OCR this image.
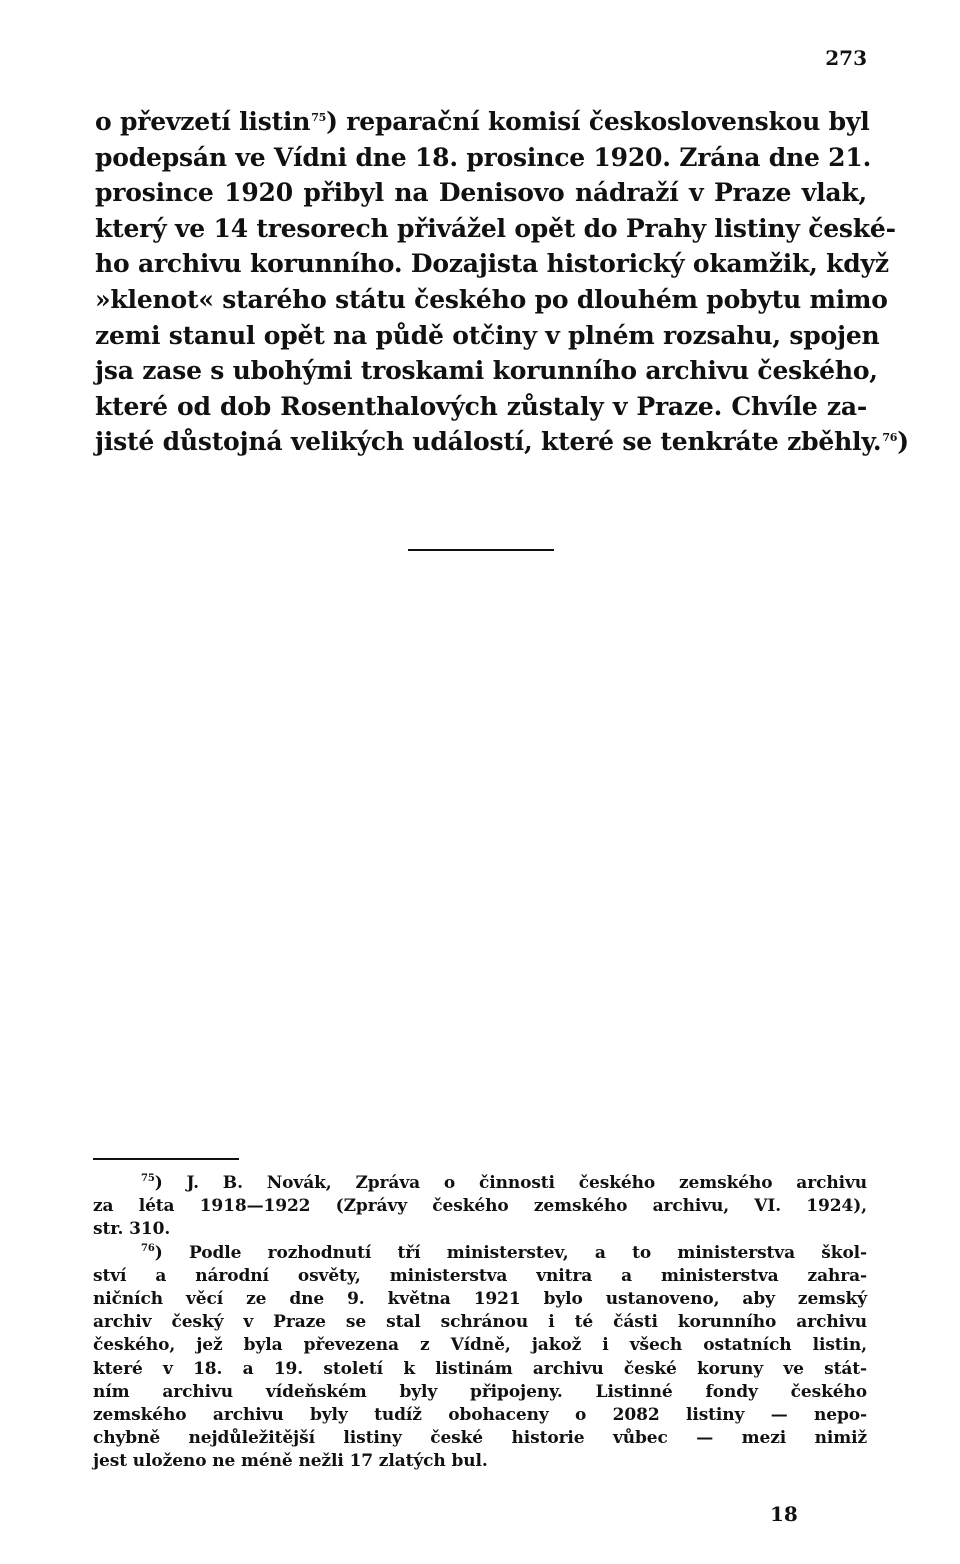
273
o převzetí listin$^{75}$) reparační komisí československou byl
podepsán ve Vídni dne 18. prosince 1920. Zrána dne 21.
prosince 1920 přibyl na Denisovo nádraží v Praze vlak,
který ve 14 tresorech přivážel opět do Prahy listiny české-
ho archivu korunního. Dozajista historický okamžik, když
»klenot« starého státu českého po dlouhém pobytu mimo
zemi stanul opět na půdě otčiny v plném rozsahu, spojen
jsa zase s ubohými troskami korunního archivu českého,
které od dob Rosenthalových zůstaly v Praze. Chvíle za-
jisté důstojná velikých událostí, které se tenkráte zběhly.$^{76}$)
$^{75}$) J. B. Novák, Zpráva o činnosti českého zemského archivu
za léta 1918—1922 (Zprávy českého zemského archivu, VI. 1924),
str. 310.
$^{76}$) Podle rozhodnutí tří ministerstev, a to ministerstva škol-
ství a národní osvěty, ministerstva vnitra a ministerstva zahra-
ničních věcí ze dne 9. května 1921 bylo ustanoveno, aby zemský
archiv český v Praze se stal schránou i té části korunního archivu
českého, jež byla převezena z Vídně, jakož i všech ostatních listin,
které v 18. a 19. století k listinám archivu české koruny ve stát-
ním archivu vídeňském byly připojeny. Listinné fondy českého
zemského archivu byly tudíž obohaceny o 2082 listiny — nepo-
chybně nejdůležitější listiny české historie vůbec — mezi nimiž
jest uloženo ne méně nežli 17 zlatých bul.
18
